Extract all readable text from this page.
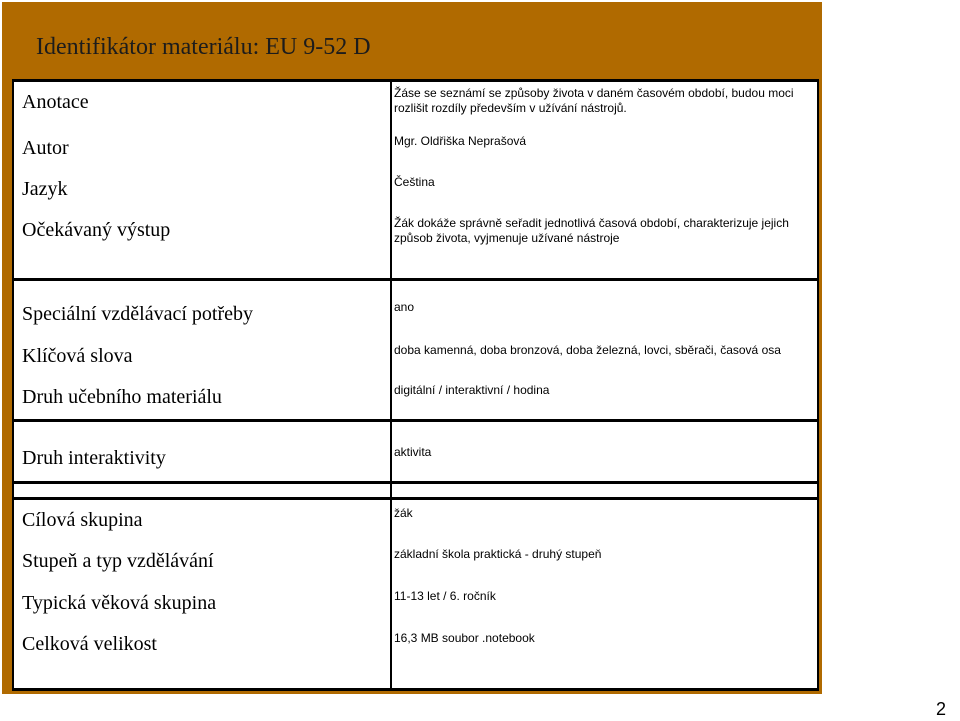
Identifikátor materiálu: EU 9-52 D
Anotace
Autor
Jazyk
Očekávaný výstup
Speciální vzdělávací potřeby
Klíčová slova
Druh učebního materiálu
Druh interaktivity
Cílová skupina
Stupeň a typ vzdělávání
Typická věková skupina
Celková velikost
Žáse se seznámí se způsoby života v daném časovém období, budou moci rozlišit rozdíly především v užívání nástrojů.
Mgr. Oldřiška Neprašová
Čeština
Žák dokáže správně seřadit jednotlivá časová období, charakterizuje jejich způsob života, vyjmenuje užívané nástroje
ano
doba kamenná, doba bronzová, doba železná, lovci, sběrači, časová osa
digitální / interaktivní / hodina
aktivita
žák
základní škola praktická - druhý stupeň
11-13 let / 6. ročník
16,3 MB soubor .notebook
2
